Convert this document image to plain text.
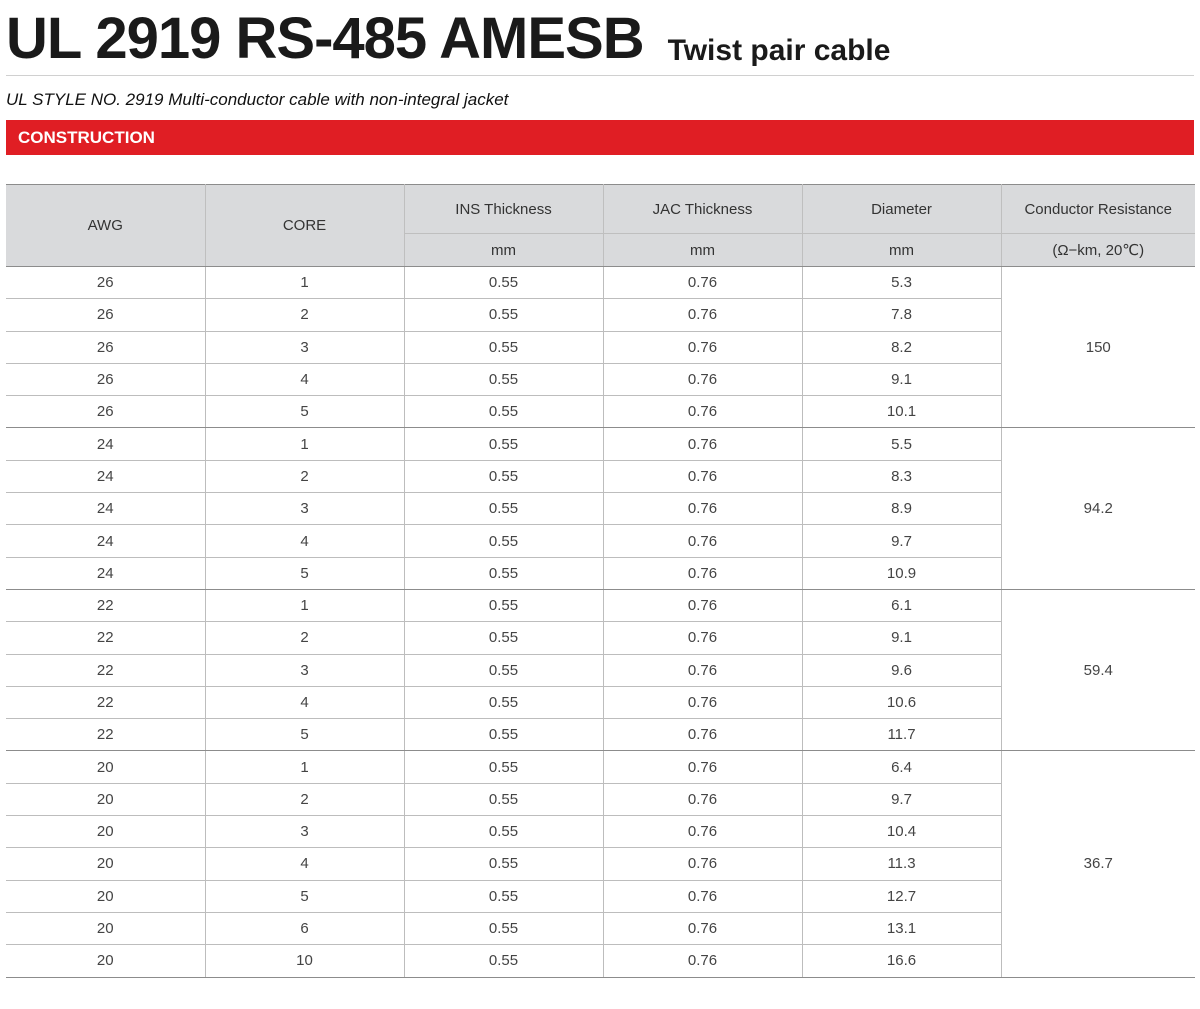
UL 2919 RS-485 AMESB Twist pair cable
UL STYLE NO. 2919 Multi-conductor cable with non-integral jacket
CONSTRUCTION
AWG	CORE	INS Thickness	JAC Thickness	Diameter	Conductor Resistance
		mm	mm	mm	(Ω−km, 20℃)
26	1	0.55	0.76	5.3	150
26	2	0.55	0.76	7.8	
26	3	0.55	0.76	8.2	
26	4	0.55	0.76	9.1	
26	5	0.55	0.76	10.1	
24	1	0.55	0.76	5.5	94.2
24	2	0.55	0.76	8.3	
24	3	0.55	0.76	8.9	
24	4	0.55	0.76	9.7	
24	5	0.55	0.76	10.9	
22	1	0.55	0.76	6.1	59.4
22	2	0.55	0.76	9.1	
22	3	0.55	0.76	9.6	
22	4	0.55	0.76	10.6	
22	5	0.55	0.76	11.7	
20	1	0.55	0.76	6.4	36.7
20	2	0.55	0.76	9.7	
20	3	0.55	0.76	10.4	
20	4	0.55	0.76	11.3	
20	5	0.55	0.76	12.7	
20	6	0.55	0.76	13.1	
20	10	0.55	0.76	16.6	
